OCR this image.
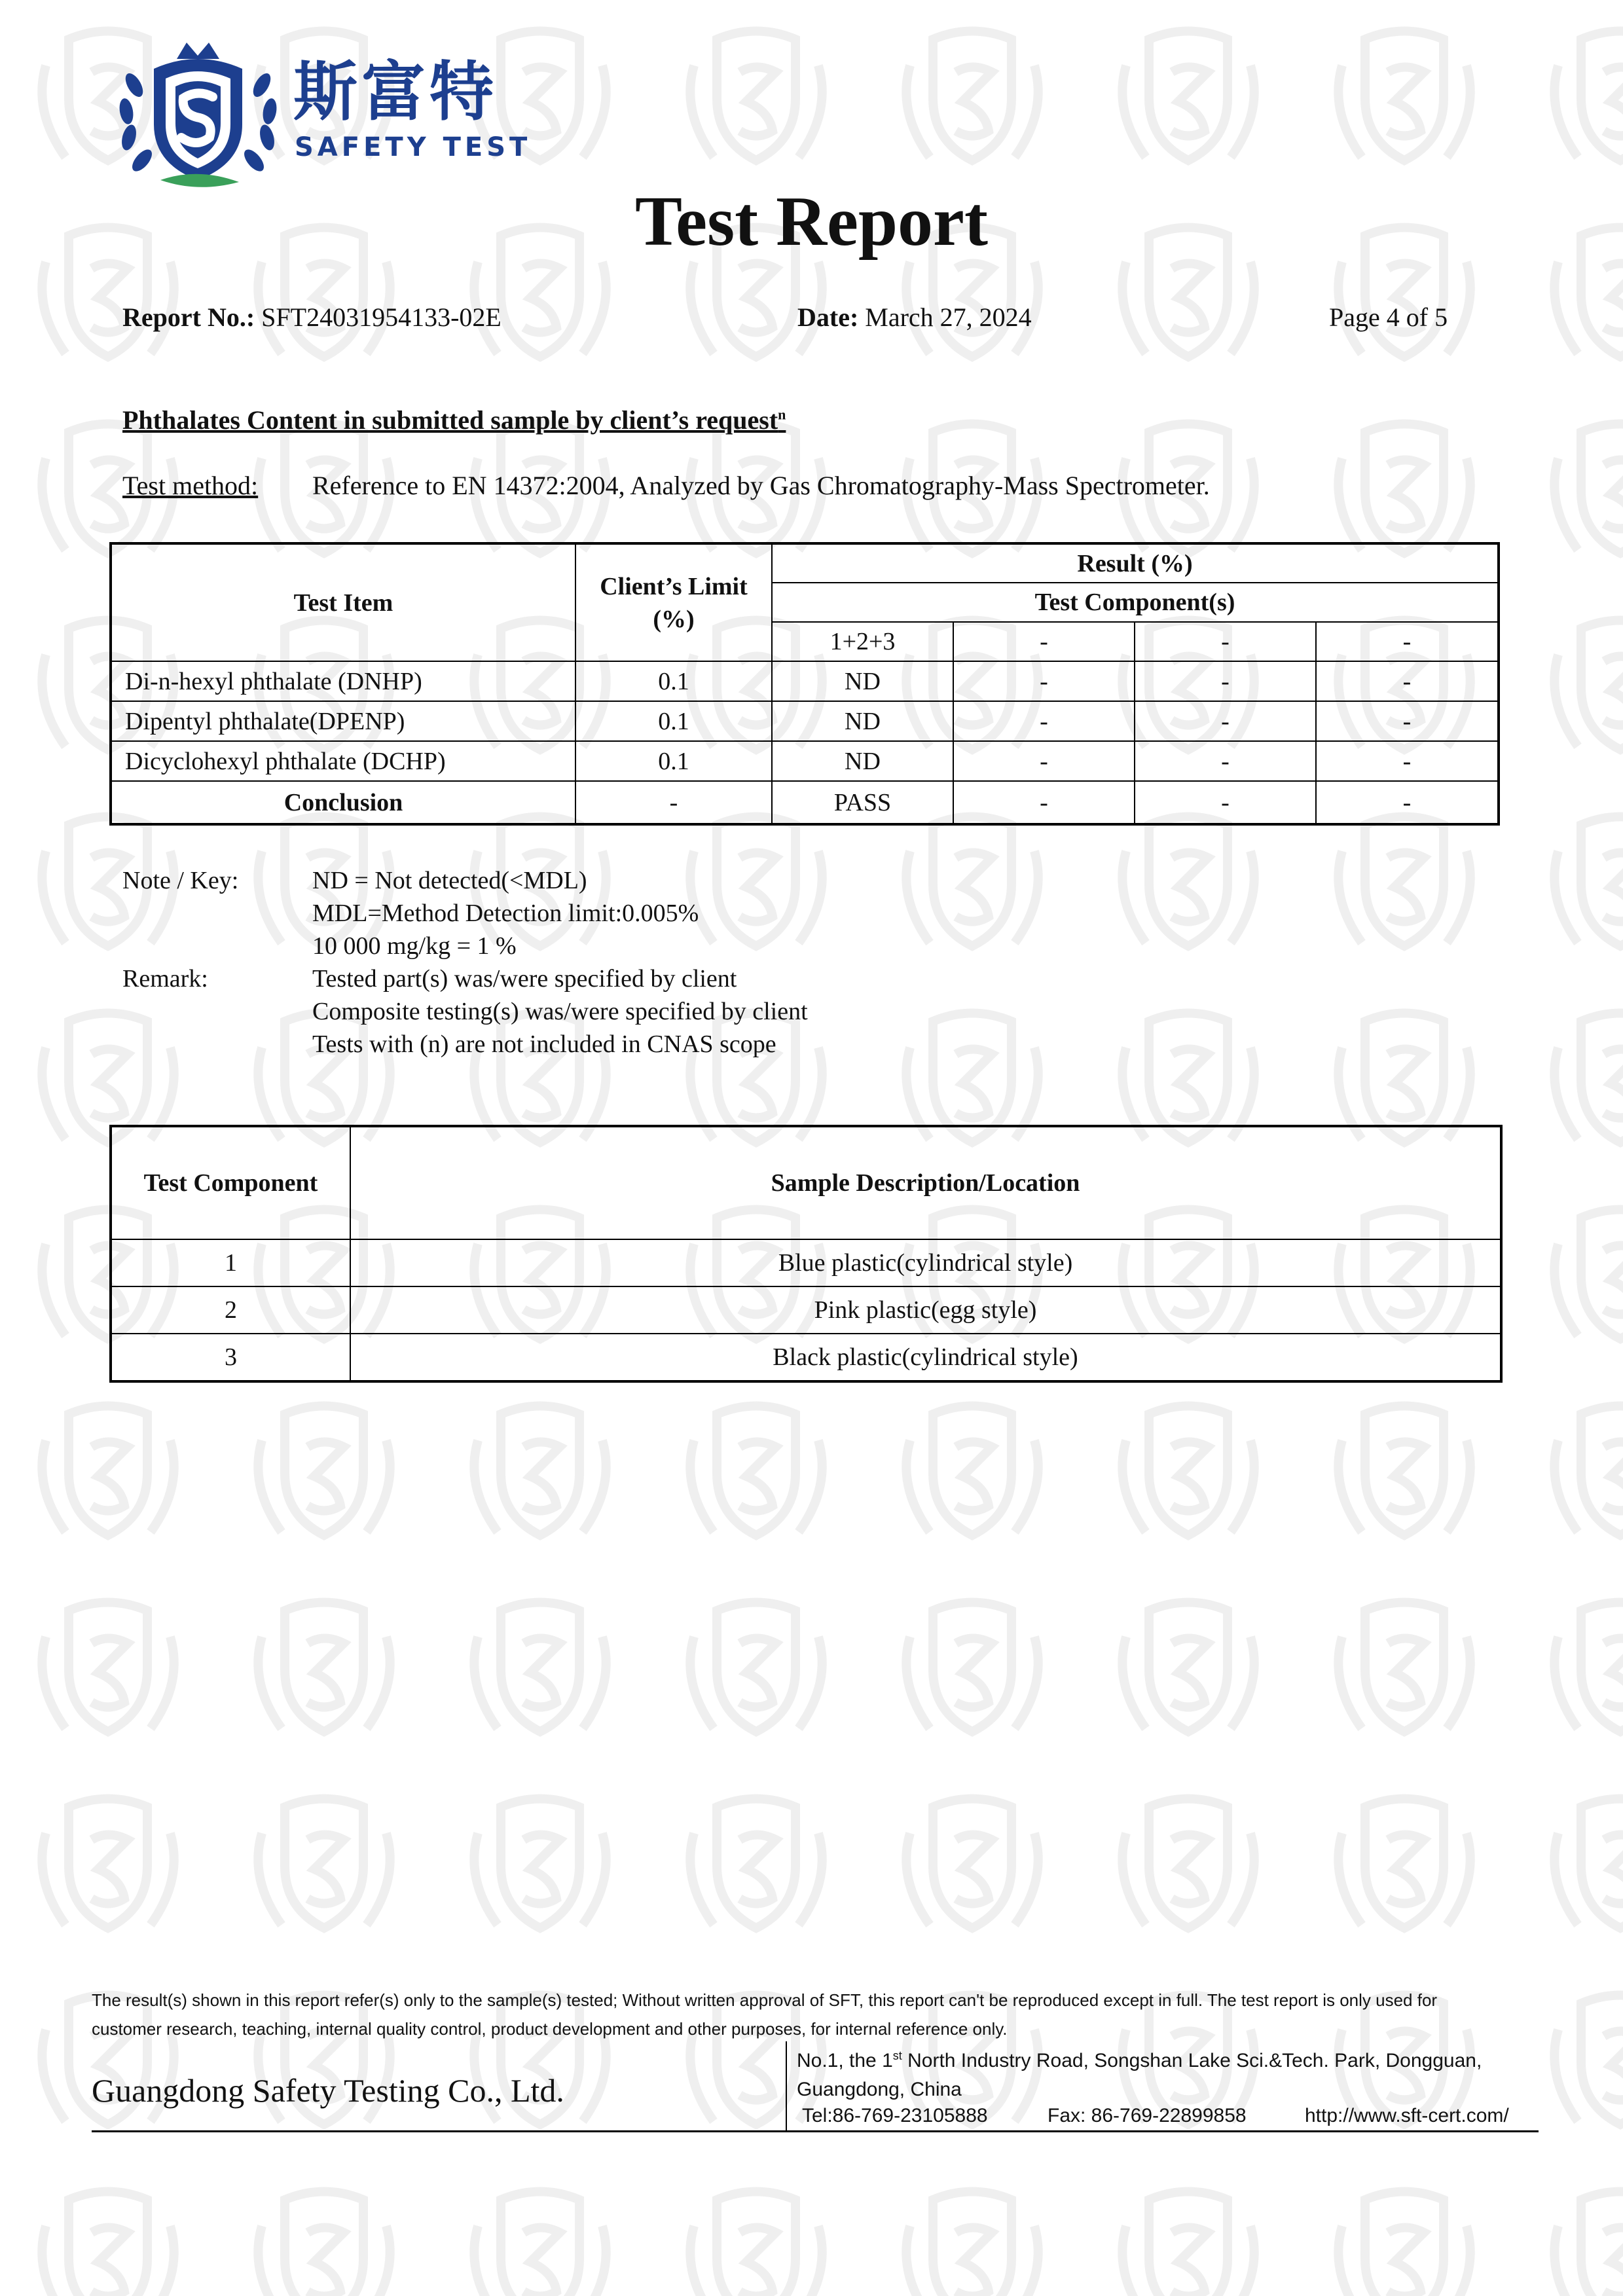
斯富特
SAFETY TEST
Test Report
Report No.: SFT24031954133-02E	Date: March 27, 2024	Page 4 of 5
Phthalates Content in submitted sample by client’s request$^n$
Test method: Reference to EN 14372:2004, Analyzed by Gas Chromatography-Mass Spectrometer.
Test Item	Client’s Limit (%)	Result (%)			
		Test Component(s)			
		1+2+3	-	-	-
Di-n-hexyl phthalate (DNHP)	0.1	ND	-	-	-
Dipentyl phthalate(DPENP)	0.1	ND	-	-	-
Dicyclohexyl phthalate (DCHP)	0.1	ND	-	-	-
Conclusion	-	PASS	-	-	-
Note / Key:	ND = Not detected(<MDL)
MDL=Method Detection limit:0.005%
10 000 mg/kg = 1 %
Remark:	Tested part(s) was/were specified by client
Composite testing(s) was/were specified by client
Tests with (n) are not included in CNAS scope
Test Component	Sample Description/Location
1	Blue plastic(cylindrical style)
2	Pink plastic(egg style)
3	Black plastic(cylindrical style)
The result(s) shown in this report refer(s) only to the sample(s) tested; Without written approval of SFT, this report can't be reproduced except in full. The test report is only used for
customer research, teaching, internal quality control, product development and other purposes, for internal reference only.
Guangdong Safety Testing Co., Ltd.
No.1, the 1st North Industry Road, Songshan Lake Sci.&Tech. Park, Dongguan,
Guangdong, China
Tel:86-769-23105888	Fax: 86-769-22899858	http://www.sft-cert.com/
